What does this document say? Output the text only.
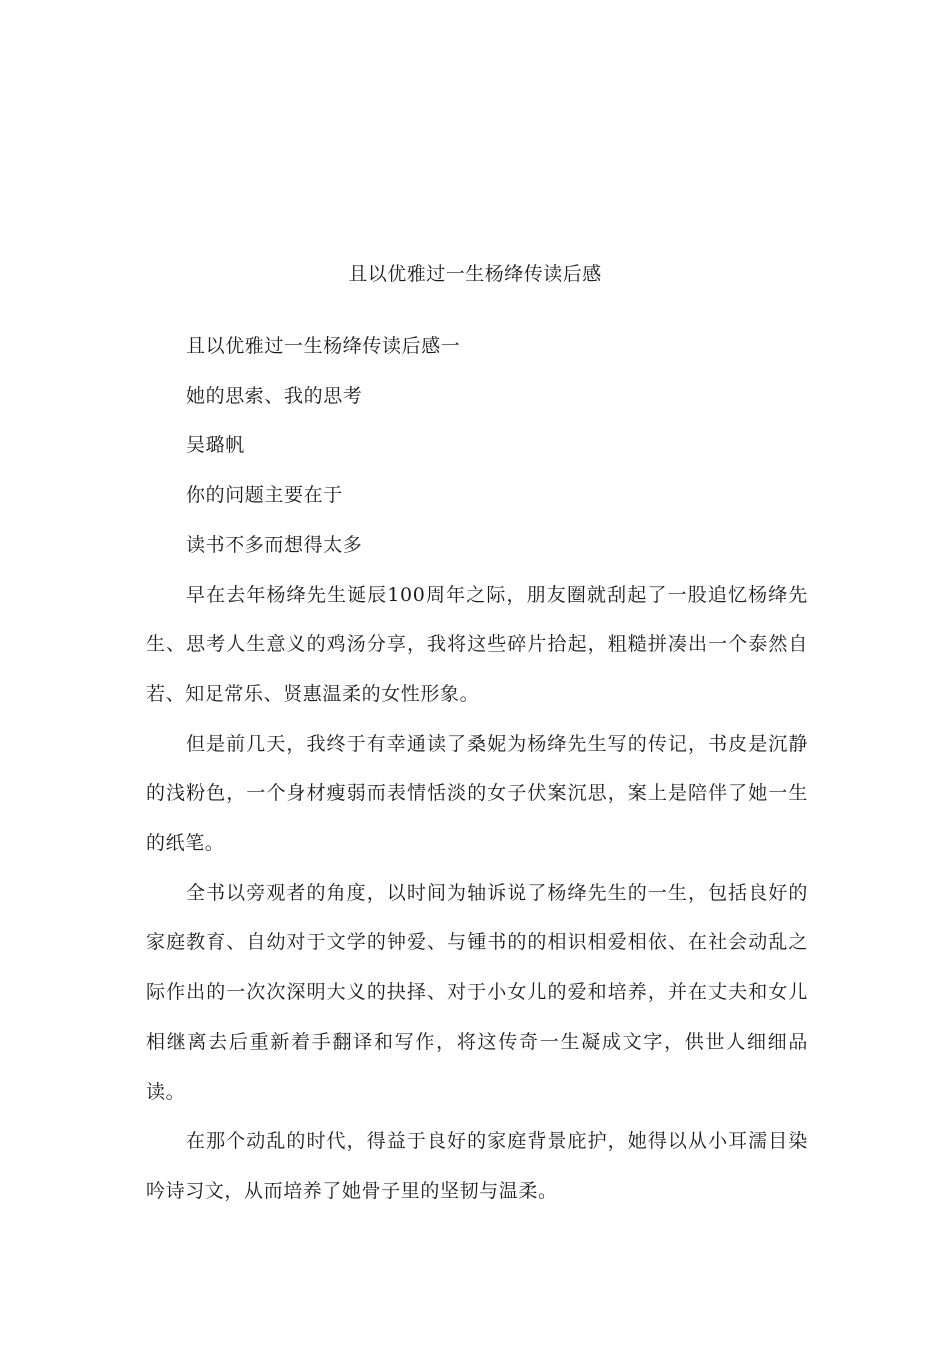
且以优雅过一生杨绛传读后感

且以优雅过一生杨绛传读后感一

她的思索、我的思考

吴璐帆

你的问题主要在于

读书不多而想得太多

早在去年杨绛先生诞辰100周年之际，朋友圈就刮起了一股追忆杨绛先生、思考人生意义的鸡汤分享，我将这些碎片拾起，粗糙拼凑出一个泰然自若、知足常乐、贤惠温柔的女性形象。

但是前几天，我终于有幸通读了桑妮为杨绛先生写的传记，书皮是沉静的浅粉色，一个身材瘦弱而表情恬淡的女子伏案沉思，案上是陪伴了她一生的纸笔。

全书以旁观者的角度，以时间为轴诉说了杨绛先生的一生，包括良好的家庭教育、自幼对于文学的钟爱、与锺书的的相识相爱相依、在社会动乱之际作出的一次次深明大义的抉择、对于小女儿的爱和培养，并在丈夫和女儿相继离去后重新着手翻译和写作，将这传奇一生凝成文字，供世人细细品读。

在那个动乱的时代，得益于良好的家庭背景庇护，她得以从小耳濡目染吟诗习文，从而培养了她骨子里的坚韧与温柔。
